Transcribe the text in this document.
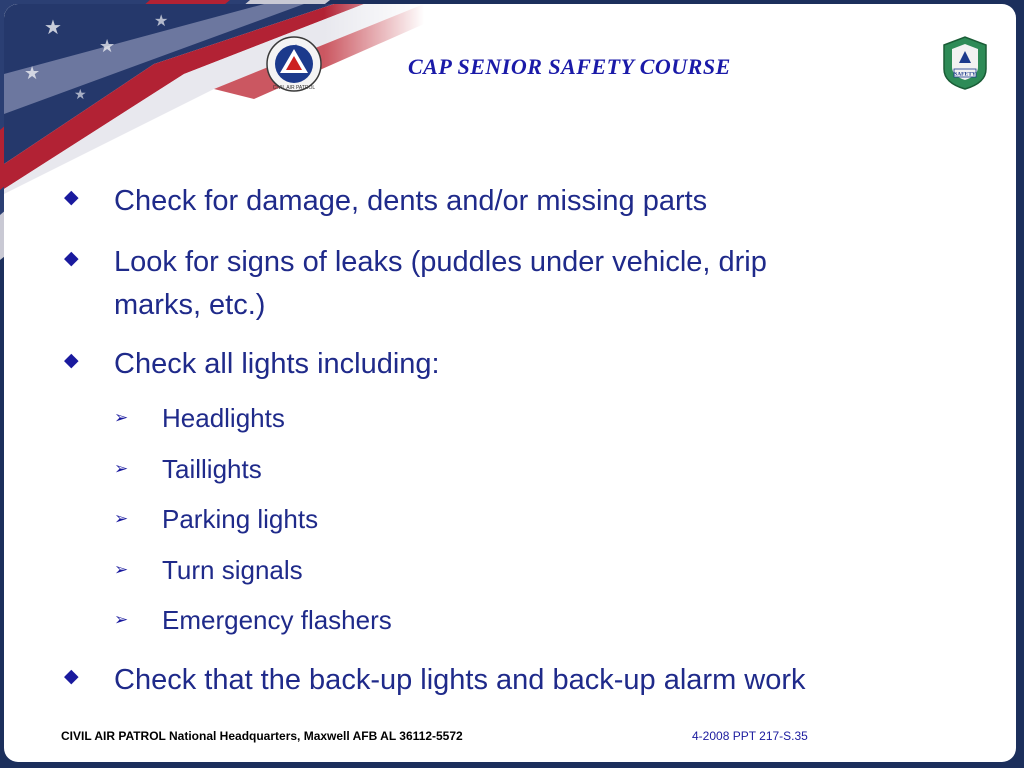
★
★
★
★
★	CIVIL AIR PATROL
CAP SENIOR SAFETY COURSE	SAFETY
◆ Check for damage, dents and/or missing parts
◆ Look for signs of leaks (puddles under vehicle, drip
marks, etc.)
◆ Check all lights including:
➢ Headlights
➢ Taillights
➢ Parking lights
➢ Turn signals
➢ Emergency flashers
◆ Check that the back-up lights and back-up alarm work
CIVIL AIR PATROL National Headquarters, Maxwell AFB AL 36112-5572	4-2008 PPT 217-S.35
